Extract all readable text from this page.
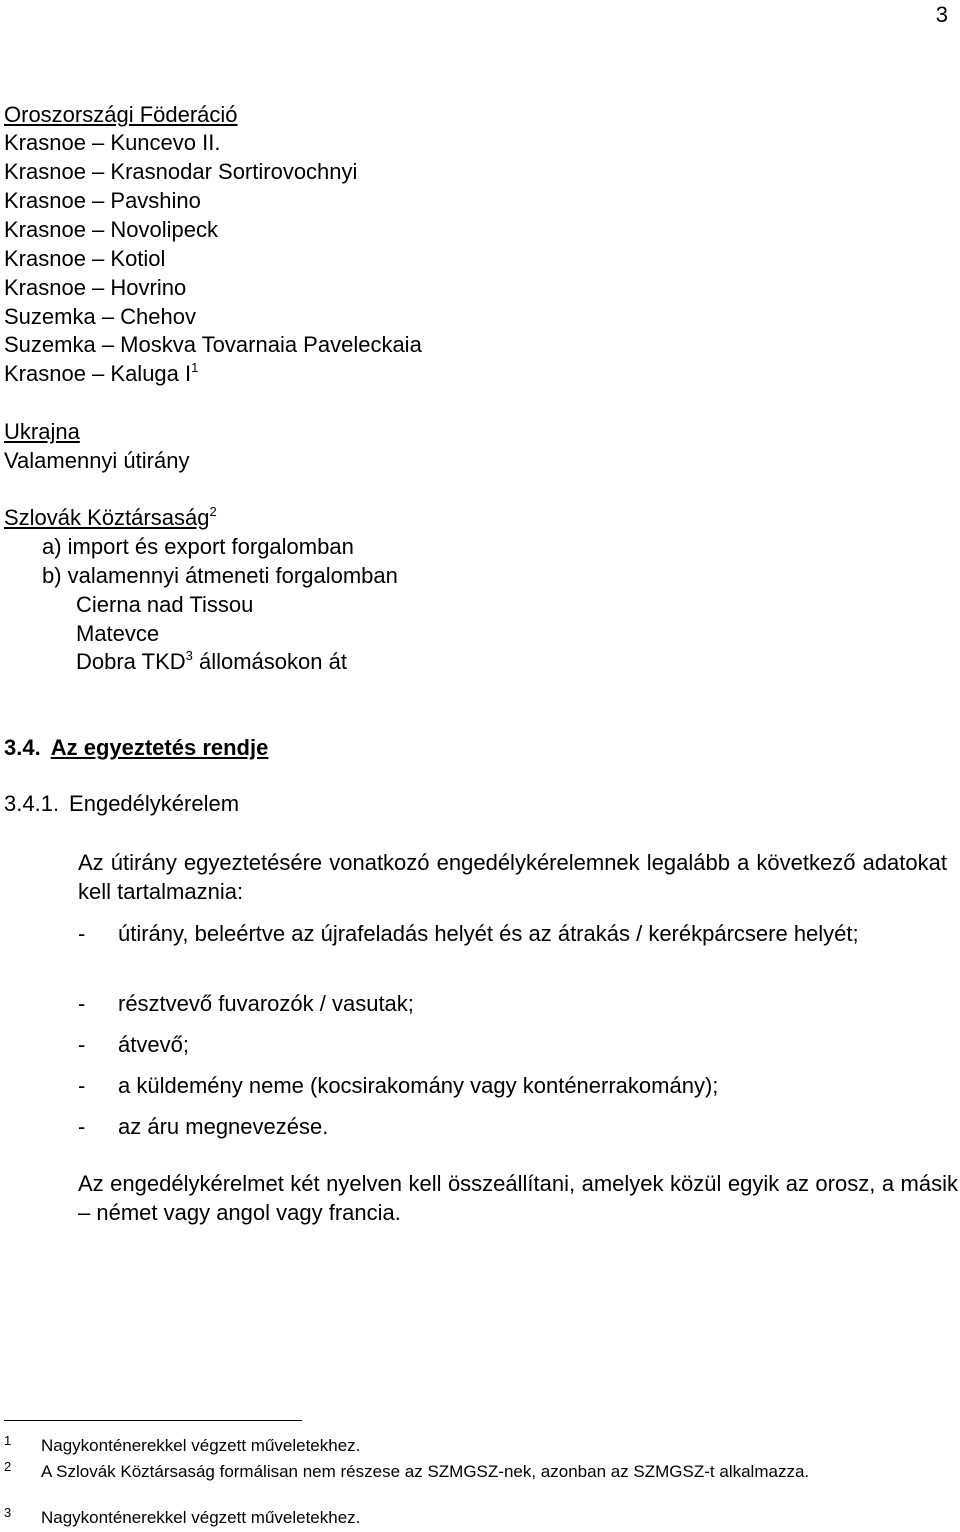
3
Oroszországi Föderáció
Krasnoe – Kuncevo II.
Krasnoe – Krasnodar Sortirovochnyi
Krasnoe – Pavshino
Krasnoe – Novolipeck
Krasnoe – Kotiol
Krasnoe – Hovrino
Suzemka – Chehov
Suzemka – Moskva Tovarnaia Paveleckaia
Krasnoe – Kaluga $I^1$
Ukrajna
Valamennyi útirány
Szlovák Köztársaság$^2$
a) import és export forgalomban
b) valamennyi átmeneti forgalomban
Cierna nad Tissou
Matevce
Dobra TKD$^3$ állomásokon át
3.4. Az egyeztetés rendje
3.4.1. Engedélykérelem
Az útirány egyeztetésére vonatkozó engedélykérelemnek legalább a következő adatokat kell tartalmaznia:
- útirány, beleértve az újrafeladás helyét és az átrakás / kerékpárcsere helyét;
- résztvevő fuvarozók / vasutak;
- átvevő;
- a küldemény neme (kocsirakomány vagy konténerrakomány);
- az áru megnevezése.
Az engedélykérelmet két nyelven kell összeállítani, amelyek közül egyik az orosz, a másik – német vagy angol vagy francia.
1	Nagykonténerekkel végzett műveletekhez.
2	A Szlovák Köztársaság formálisan nem részese az SZMGSZ-nek, azonban az SZMGSZ-t alkalmazza.
3	Nagykonténerekkel végzett műveletekhez.
